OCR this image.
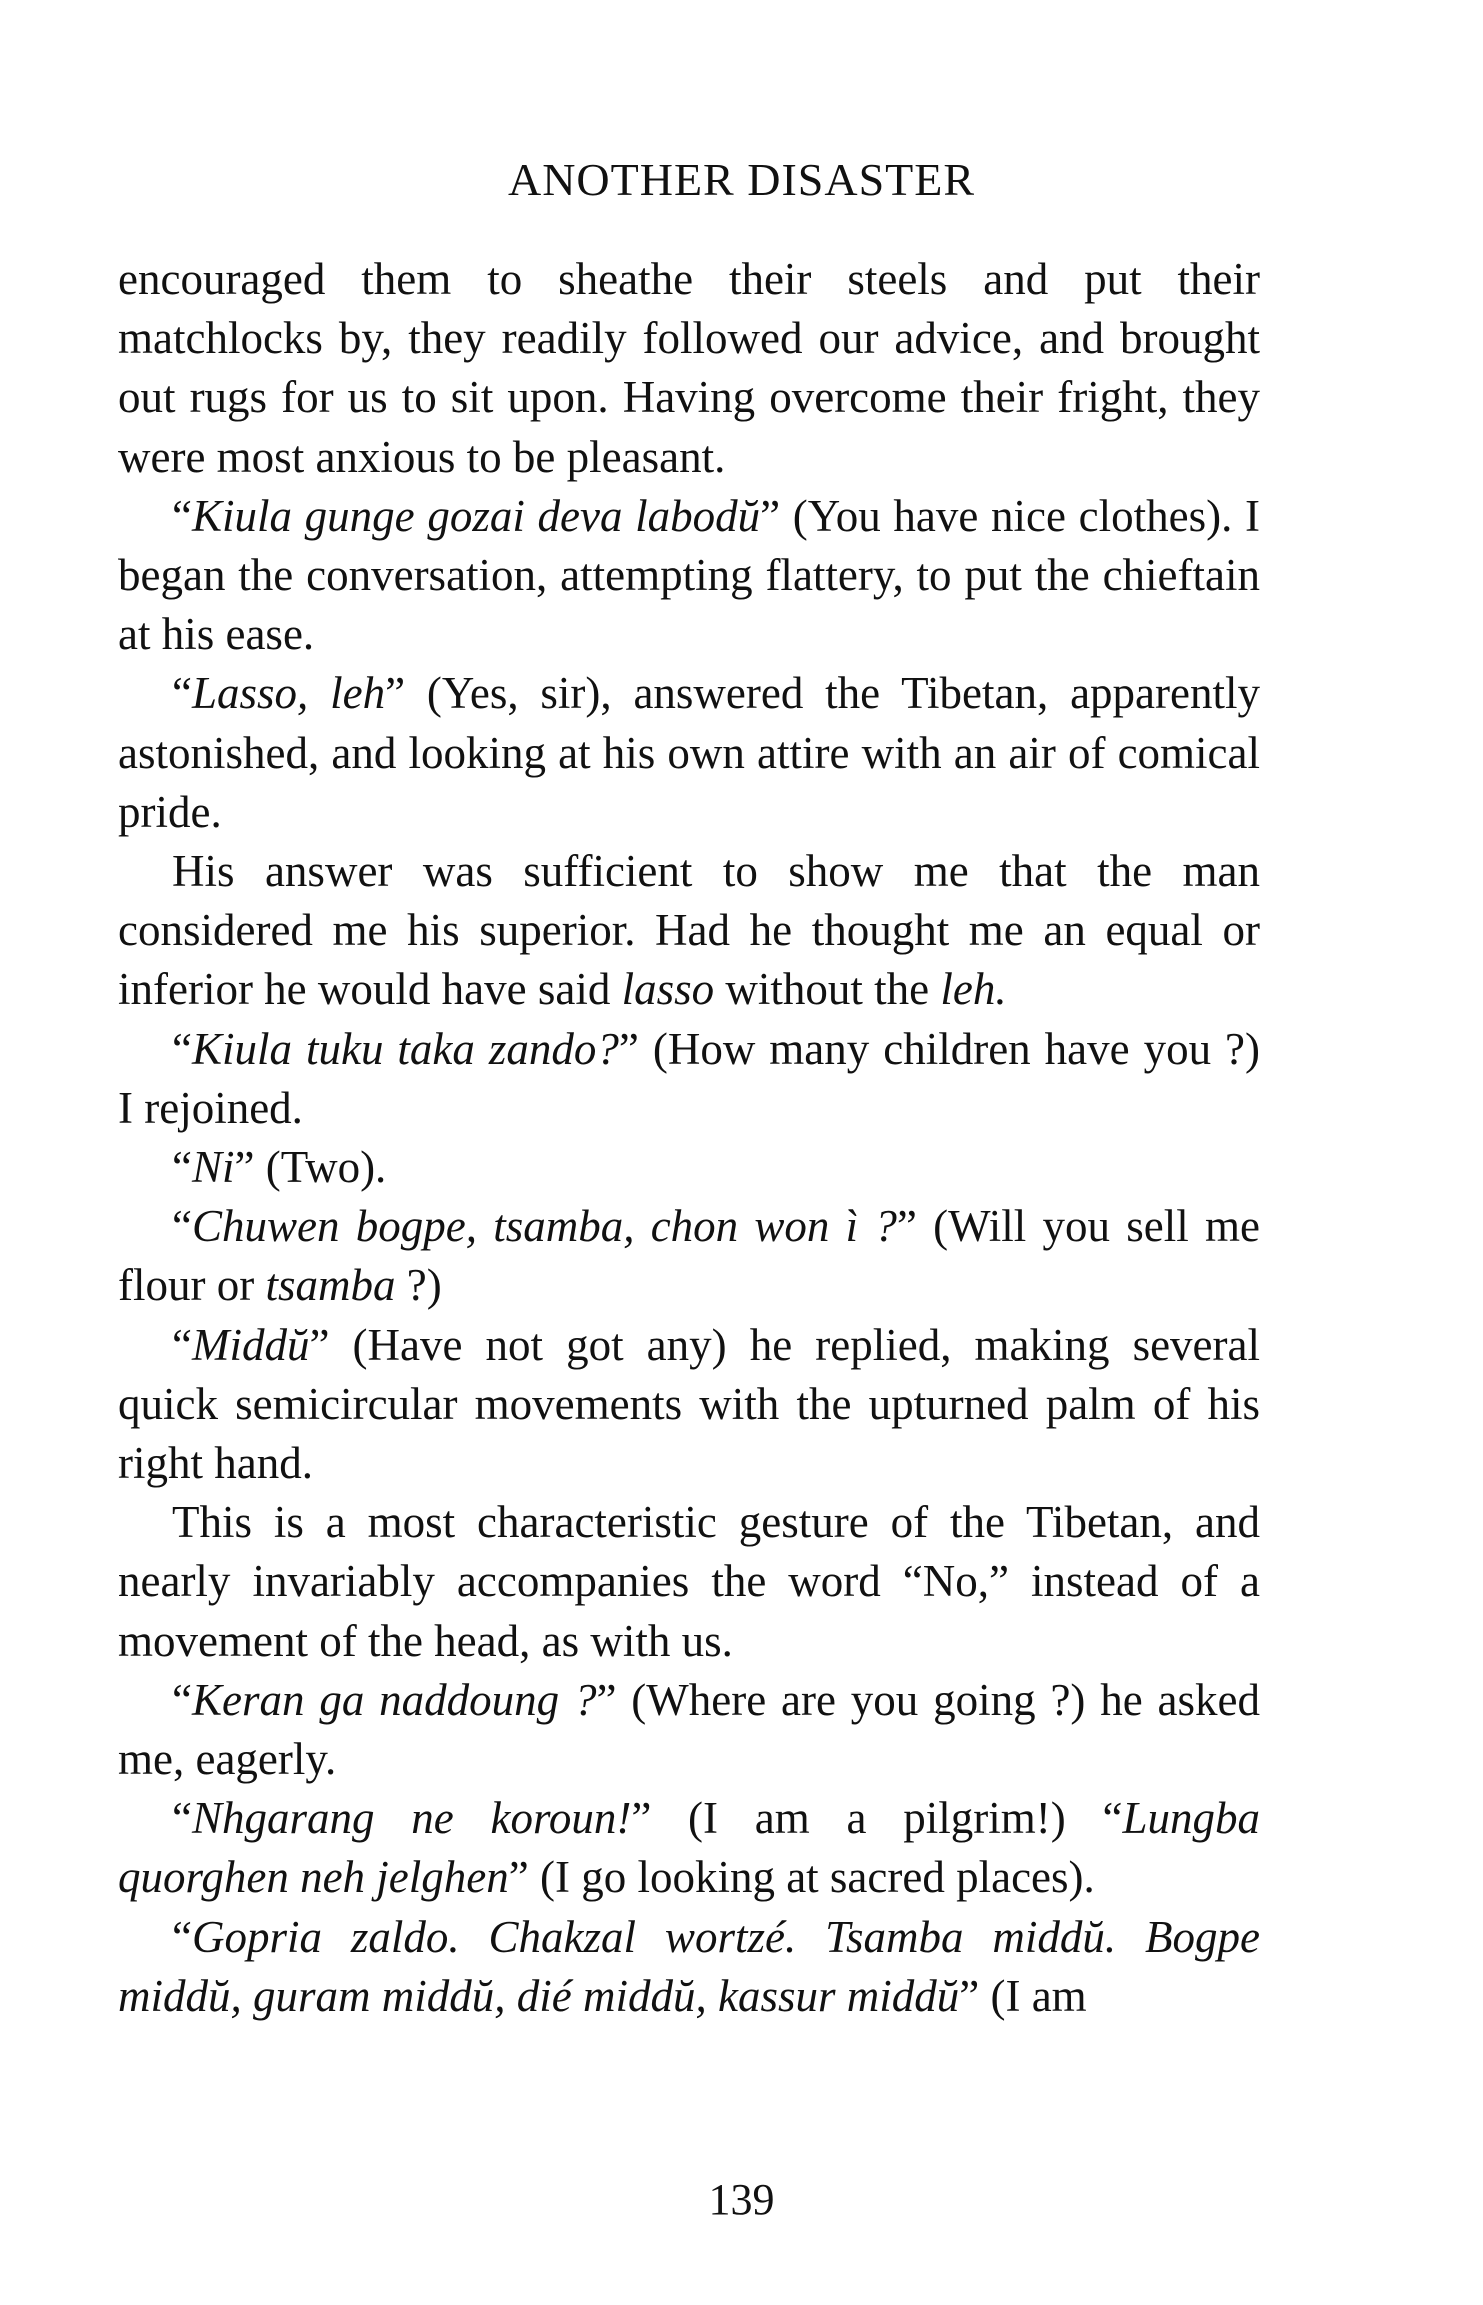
ANOTHER DISASTER

encouraged them to sheathe their steels and put their matchlocks by, they readily followed our advice, and brought out rugs for us to sit upon. Having overcome their fright, they were most anxious to be pleasant.

“Kiula gunge gozai deva labodŭ” (You have nice clothes). I began the conversation, attempting flattery, to put the chieftain at his ease.

“Lasso, leh” (Yes, sir), answered the Tibetan, apparently astonished, and looking at his own attire with an air of comical pride.

His answer was sufficient to show me that the man considered me his superior. Had he thought me an equal or inferior he would have said lasso without the leh.

“Kiula tuku taka zando?” (How many children have you ?) I rejoined.

“Ni” (Two).

“Chuwen bogpe, tsamba, chon won ì ?” (Will you sell me flour or tsamba ?)

“Middŭ” (Have not got any) he replied, making several quick semicircular movements with the upturned palm of his right hand.

This is a most characteristic gesture of the Tibetan, and nearly invariably accompanies the word “No,” instead of a movement of the head, as with us.

“Keran ga naddoung ?” (Where are you going ?) he asked me, eagerly.

“Nhgarang ne koroun!” (I am a pilgrim!) “Lungba quorghen neh jelghen” (I go looking at sacred places).

“Gopria zaldo. Chakzal wortzé. Tsamba middŭ. Bogpe middŭ, guram middŭ, dié middŭ, kassur middŭ” (I am

139
